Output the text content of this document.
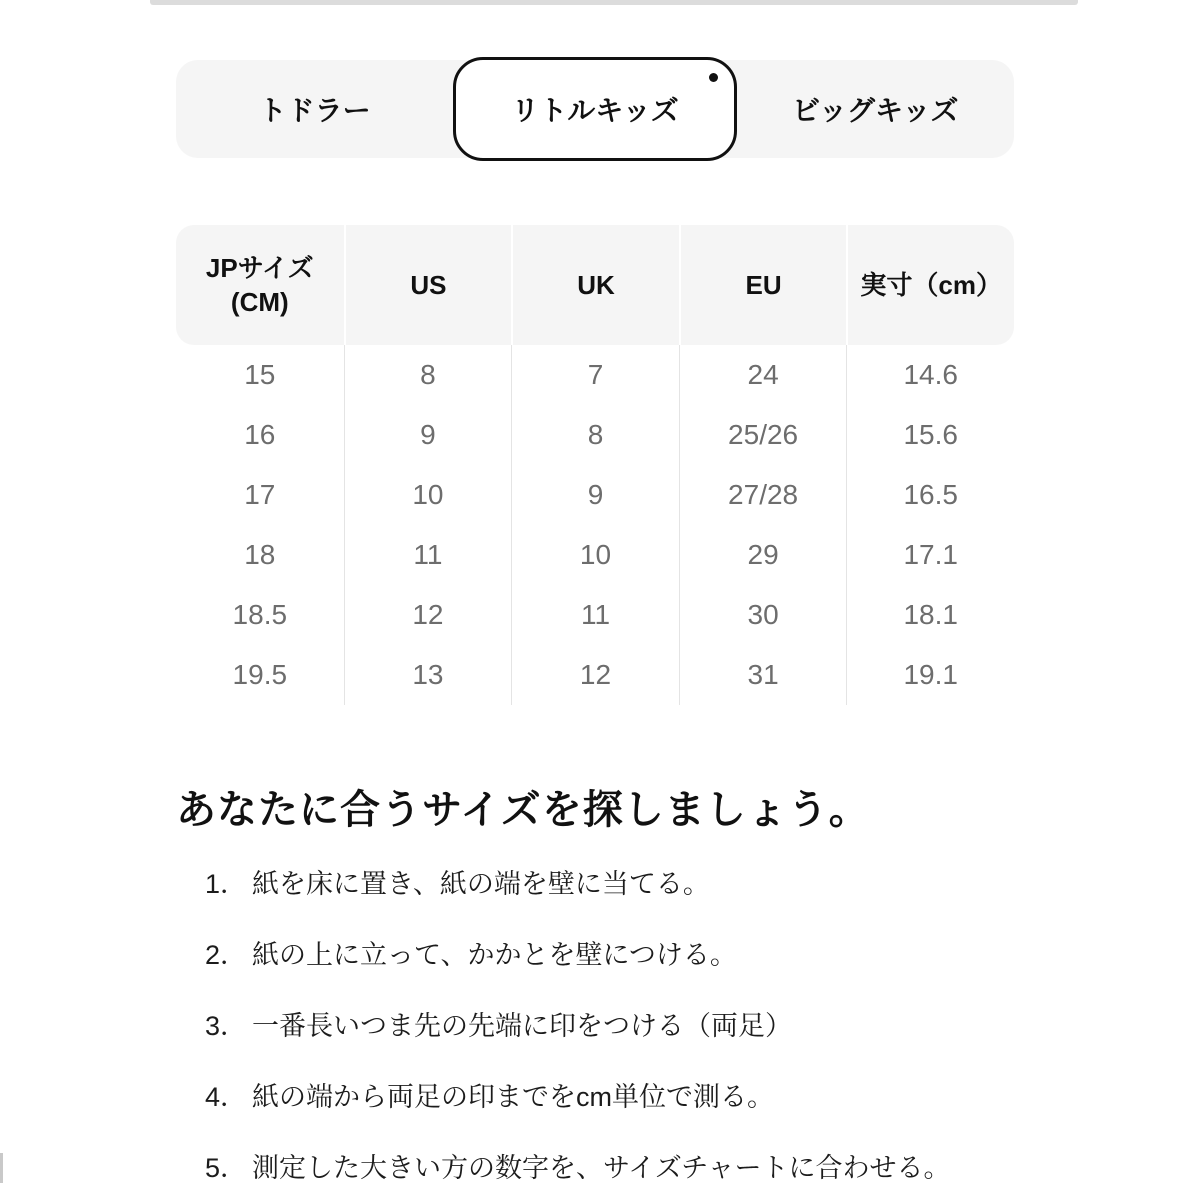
トドラー	リトルキッズ	ビッグキッズ
JPサイズ
(CM)
US	UK	EU	実寸（cm）
15	8	7	24	14.6
16	9	8	25/26	15.6
17	10	9	27/28	16.5
18	11	10	29	17.1
18.5	12	11	30	18.1
19.5	13	12	31	19.1
あなたに合うサイズを探しましょう。
1． 紙を床に置き、紙の端を壁に当てる。
2． 紙の上に立って、かかとを壁につける。
3． 一番長いつま先の先端に印をつける（両足）
4． 紙の端から両足の印までをcm単位で測る。
5． 測定した大きい方の数字を、サイズチャートに合わせる。
